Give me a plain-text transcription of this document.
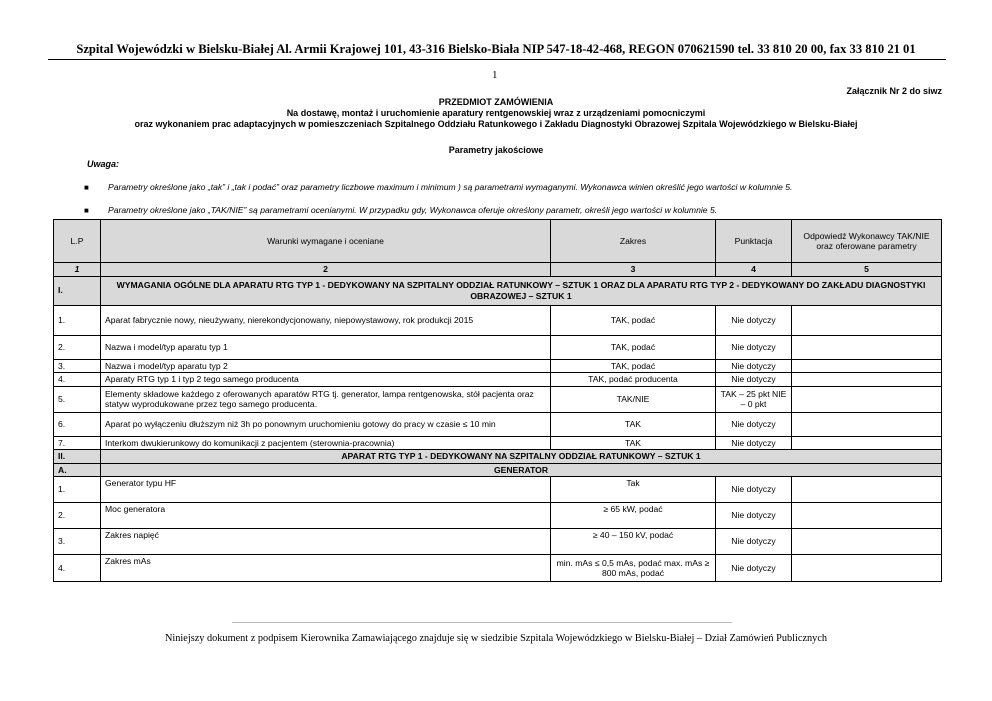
Szpital Wojewódzki w Bielsku-Białej Al. Armii Krajowej 101, 43-316 Bielsko-Biała NIP 547-18-42-468, REGON 070621590 tel. 33 810 20 00, fax 33 810 21 01
1
Załącznik Nr 2 do siwz
PRZEDMIOT ZAMÓWIENIA
Na dostawę, montaż i uruchomienie aparatury rentgenowskiej wraz z urządzeniami pomocniczymi
oraz wykonaniem prac adaptacyjnych w pomieszczeniach Szpitalnego Oddziału Ratunkowego i Zakładu Diagnostyki Obrazowej Szpitala Wojewódzkiego w Bielsku-Białej
Parametry jakościowe
Uwaga:
■ Parametry określone jako „tak” i „tak i podać” oraz parametry liczbowe maximum i minimum ) są parametrami wymaganymi. Wykonawca winien określić jego wartości w kolumnie 5.
■ Parametry określone jako „TAK/NIE” są parametrami ocenianymi. W przypadku gdy, Wykonawca oferuje określony parametr, określi jego wartości w kolumnie 5.
L.P	Warunki wymagane i oceniane	Zakres	Punktacja	Odpowiedź Wykonawcy TAK/NIE oraz oferowane parametry
1	2	3	4	5
I.	WYMAGANIA OGÓLNE DLA APARATU RTG TYP 1 - DEDYKOWANY NA SZPITALNY ODDZIAŁ RATUNKOWY – SZTUK 1 ORAZ DLA APARATU RTG TYP 2 - DEDYKOWANY DO ZAKŁADU DIAGNOSTYKI OBRAZOWEJ – SZTUK 1			
1.	Aparat fabrycznie nowy, nieużywany, nierekondycjonowany, niepowystawowy, rok produkcji 2015	TAK, podać	Nie dotyczy	
2.	Nazwa i model/typ aparatu typ 1	TAK, podać	Nie dotyczy	
3.	Nazwa i model/typ aparatu typ 2	TAK, podać	Nie dotyczy	
4.	Aparaty RTG typ 1 i typ 2 tego samego producenta	TAK, podać producenta	Nie dotyczy	
5.	Elementy składowe każdego z oferowanych aparatów RTG tj. generator, lampa rentgenowska, stół pacjenta oraz statyw wyprodukowane przez tego samego producenta.	TAK/NIE	TAK – 25 pkt NIE – 0 pkt	
6.	Aparat po wyłączeniu dłuższym niż 3h po ponownym uruchomieniu gotowy do pracy w czasie ≤ 10 min	TAK	Nie dotyczy	
7.	Interkom dwukierunkowy do komunikacji z pacjentem (sterownia-pracownia)	TAK	Nie dotyczy	
II.	APARAT RTG TYP 1 - DEDYKOWANY NA SZPITALNY ODDZIAŁ RATUNKOWY – SZTUK 1			
A.	GENERATOR			
1.	Generator typu HF	Tak	Nie dotyczy	
2.	Moc generatora	≥ 65 kW, podać	Nie dotyczy	
3.	Zakres napięć	≥ 40 – 150 kV, podać	Nie dotyczy	
4.	Zakres mAs	min. mAs ≤ 0,5 mAs, podać max. mAs ≥ 800 mAs, podać	Nie dotyczy	
Niniejszy dokument z podpisem Kierownika Zamawiającego znajduje się w siedzibie Szpitala Wojewódzkiego w Bielsku-Białej – Dział Zamówień Publicznych
